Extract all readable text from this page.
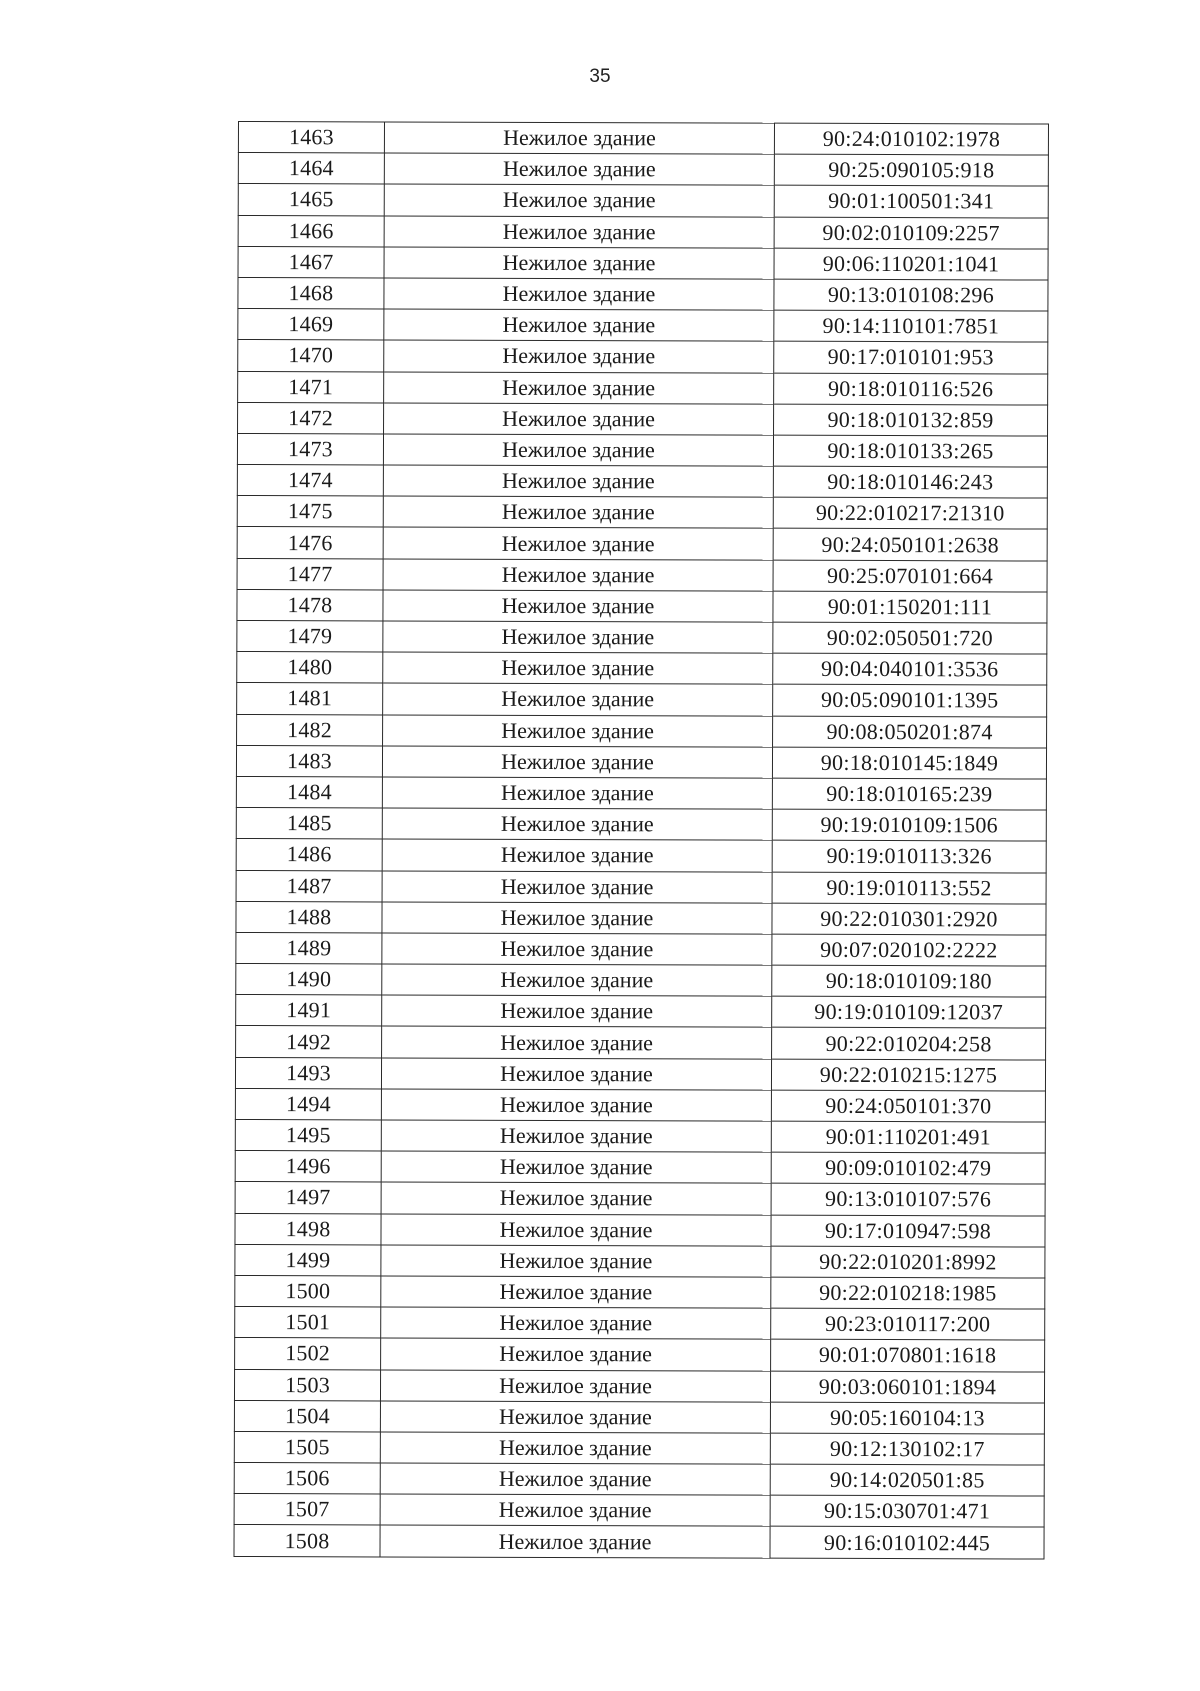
35
1463	Нежилое здание	90:24:010102:1978
1464	Нежилое здание	90:25:090105:918
1465	Нежилое здание	90:01:100501:341
1466	Нежилое здание	90:02:010109:2257
1467	Нежилое здание	90:06:110201:1041
1468	Нежилое здание	90:13:010108:296
1469	Нежилое здание	90:14:110101:7851
1470	Нежилое здание	90:17:010101:953
1471	Нежилое здание	90:18:010116:526
1472	Нежилое здание	90:18:010132:859
1473	Нежилое здание	90:18:010133:265
1474	Нежилое здание	90:18:010146:243
1475	Нежилое здание	90:22:010217:21310
1476	Нежилое здание	90:24:050101:2638
1477	Нежилое здание	90:25:070101:664
1478	Нежилое здание	90:01:150201:111
1479	Нежилое здание	90:02:050501:720
1480	Нежилое здание	90:04:040101:3536
1481	Нежилое здание	90:05:090101:1395
1482	Нежилое здание	90:08:050201:874
1483	Нежилое здание	90:18:010145:1849
1484	Нежилое здание	90:18:010165:239
1485	Нежилое здание	90:19:010109:1506
1486	Нежилое здание	90:19:010113:326
1487	Нежилое здание	90:19:010113:552
1488	Нежилое здание	90:22:010301:2920
1489	Нежилое здание	90:07:020102:2222
1490	Нежилое здание	90:18:010109:180
1491	Нежилое здание	90:19:010109:12037
1492	Нежилое здание	90:22:010204:258
1493	Нежилое здание	90:22:010215:1275
1494	Нежилое здание	90:24:050101:370
1495	Нежилое здание	90:01:110201:491
1496	Нежилое здание	90:09:010102:479
1497	Нежилое здание	90:13:010107:576
1498	Нежилое здание	90:17:010947:598
1499	Нежилое здание	90:22:010201:8992
1500	Нежилое здание	90:22:010218:1985
1501	Нежилое здание	90:23:010117:200
1502	Нежилое здание	90:01:070801:1618
1503	Нежилое здание	90:03:060101:1894
1504	Нежилое здание	90:05:160104:13
1505	Нежилое здание	90:12:130102:17
1506	Нежилое здание	90:14:020501:85
1507	Нежилое здание	90:15:030701:471
1508	Нежилое здание	90:16:010102:445
